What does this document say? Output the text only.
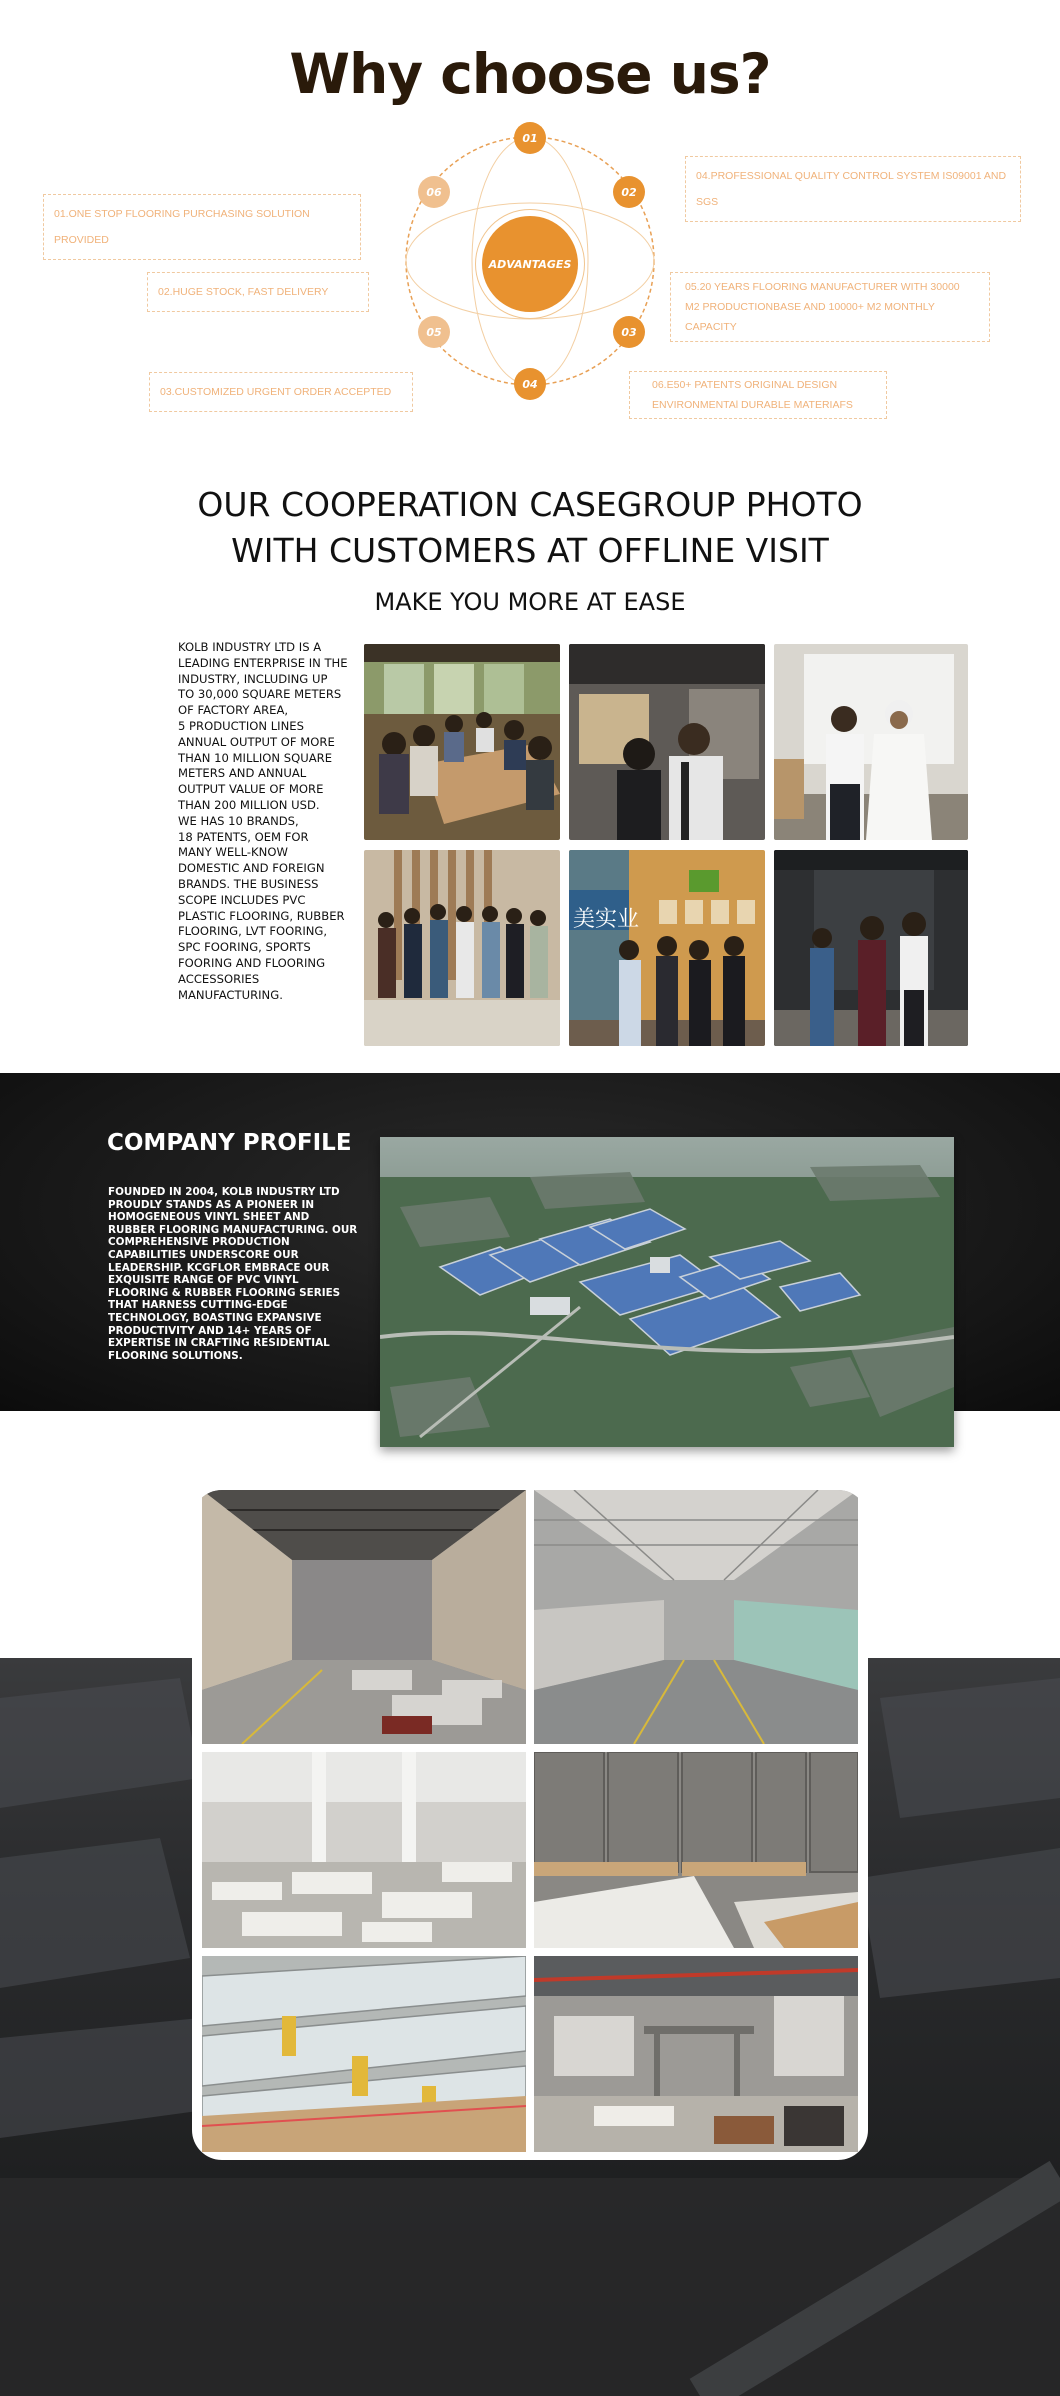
Why choose us?
01
02
03
04
05
06
ADVANTAGES
01.ONE STOP FLOORING PURCHASING SOLUTION PROVIDED
02.HUGE STOCK, FAST DELIVERY
03.CUSTOMIZED URGENT ORDER ACCEPTED
04.PROFESSIONAL QUALITY CONTROL SYSTEM IS09001 AND SGS
05.20 YEARS FLOORING MANUFACTURER WITH 30000 M2 PRODUCTIONBASE AND 10000+ M2 MONTHLY CAPACITY
06.E50+ PATENTS ORIGINAL DESIGN ENVIRONMENTAl DURABLE MATERIAFS
OUR COOPERATION CASEGROUP PHOTO
WITH CUSTOMERS AT OFFLINE VISIT
MAKE YOU MORE AT EASE
KOLB INDUSTRY LTD IS A
LEADING ENTERPRISE IN THE
INDUSTRY, INCLUDING UP
TO 30,000 SQUARE METERS
OF FACTORY AREA,
5 PRODUCTION LINES
ANNUAL OUTPUT OF MORE
THAN 10 MILLION SQUARE
METERS AND ANNUAL
OUTPUT VALUE OF MORE
THAN 200 MILLION USD.
WE HAS 10 BRANDS,
18 PATENTS, OEM FOR
MANY WELL-KNOW
DOMESTIC AND FOREIGN
BRANDS. THE BUSINESS
SCOPE INCLUDES PVC
PLASTIC FLOORING, RUBBER
FLOORING, LVT FOORING,
SPC FOORING, SPORTS
FOORING AND FLOORING
ACCESSORIES
MANUFACTURING.
美实业
COMPANY PROFILE

FOUNDED IN 2004, KOLB INDUSTRY LTD PROUDLY STANDS AS A PIONEER IN HOMOGENEOUS VINYL SHEET AND RUBBER FLOORING MANUFACTURING. OUR COMPREHENSIVE PRODUCTION CAPABILITIES UNDERSCORE OUR LEADERSHIP. KCGFLOR EMBRACE OUR EXQUISITE RANGE OF PVC VINYL FLOORING & RUBBER FLOORING SERIES THAT HARNESS CUTTING-EDGE TECHNOLOGY, BOASTING EXPANSIVE PRODUCTIVITY AND 14+ YEARS OF EXPERTISE IN CRAFTING RESIDENTIAL FLOORING SOLUTIONS.
